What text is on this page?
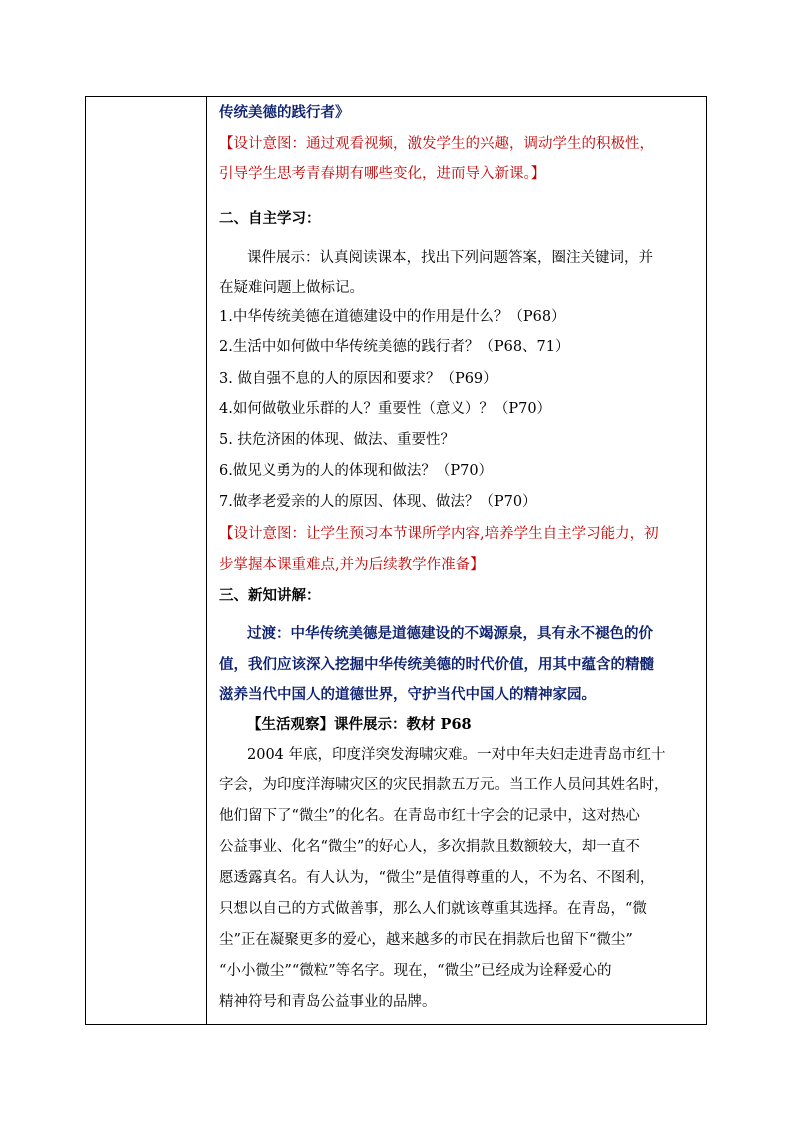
传统美德的践行者》
【设计意图：通过观看视频，激发学生的兴趣，调动学生的积极性，
引导学生思考青春期有哪些变化，进而导入新课。】
二、自主学习：
课件展示：认真阅读课本，找出下列问题答案，圈注关键词，并
在疑难问题上做标记。
1.中华传统美德在道德建设中的作用是什么？（P68）
2.生活中如何做中华传统美德的践行者？（P68、71）
3. 做自强不息的人的原因和要求？（P69）
4.如何做敬业乐群的人？重要性（意义）？（P70）
5. 扶危济困的体现、做法、重要性？
6.做见义勇为的人的体现和做法？（P70）
7.做孝老爱亲的人的原因、体现、做法？（P70）
【设计意图：让学生预习本节课所学内容,培养学生自主学习能力，初
步掌握本课重难点,并为后续教学作准备】
三、新知讲解：
过渡：中华传统美德是道德建设的不竭源泉，具有永不褪色的价
值，我们应该深入挖掘中华传统美德的时代价值，用其中蕴含的精髓
滋养当代中国人的道德世界，守护当代中国人的精神家园。
【生活观察】课件展示：教材 P68
2004 年底，印度洋突发海啸灾难。一对中年夫妇走进青岛市红十
字会，为印度洋海啸灾区的灾民捐款五万元。当工作人员问其姓名时，
他们留下了“微尘”的化名。在青岛市红十字会的记录中，这对热心
公益事业、化名“微尘”的好心人，多次捐款且数额较大，却一直不
愿透露真名。有人认为，“微尘”是值得尊重的人，不为名、不图利，
只想以自己的方式做善事，那么人们就该尊重其选择。在青岛，“微
尘”正在凝聚更多的爱心，越来越多的市民在捐款后也留下“微尘”
“小小微尘”“微粒”等名字。现在，“微尘”已经成为诠释爱心的
精神符号和青岛公益事业的品牌。
